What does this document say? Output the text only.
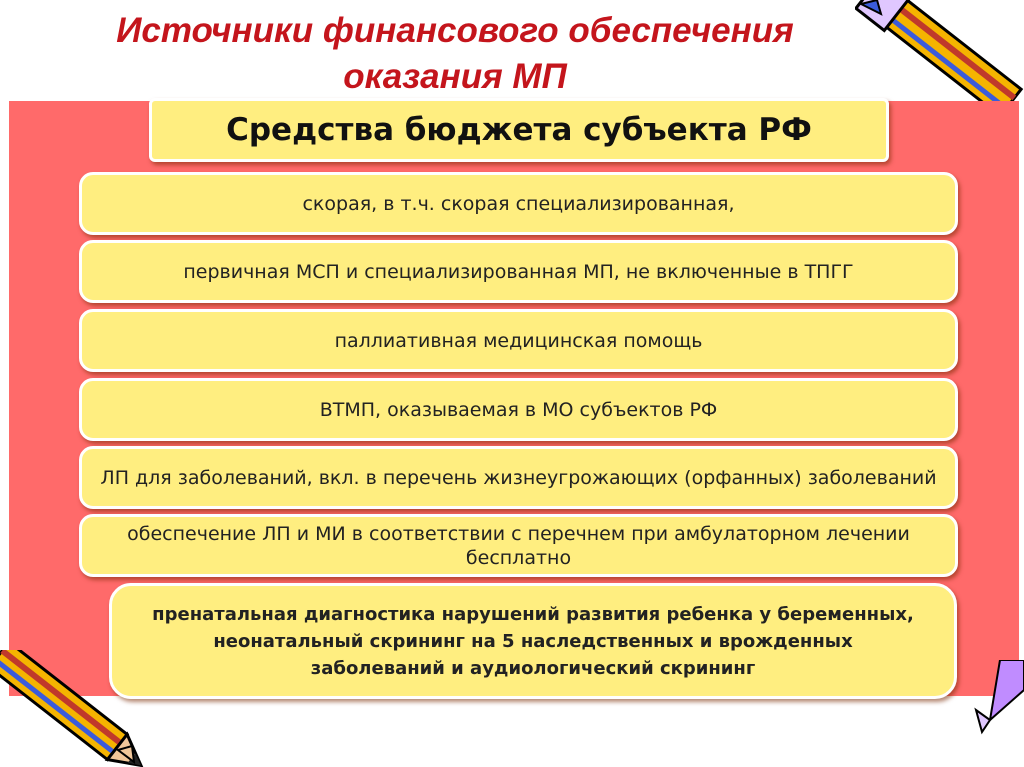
Источники финансового обеспечения
оказания МП
Средства бюджета субъекта РФ
скорая, в т.ч. скорая специализированная,
первичная МСП и специализированная МП, не включенные в ТПГГ
паллиативная медицинская помощь
ВТМП, оказываемая в МО субъектов РФ
ЛП для заболеваний, вкл. в перечень жизнеугрожающих (орфанных) заболеваний
обеспечение ЛП и МИ в соответствии с перечнем при амбулаторном лечении бесплатно
пренатальная диагностика нарушений развития ребенка у беременных, неонатальный скрининг на 5 наследственных и врожденных заболеваний и аудиологический скрининг
